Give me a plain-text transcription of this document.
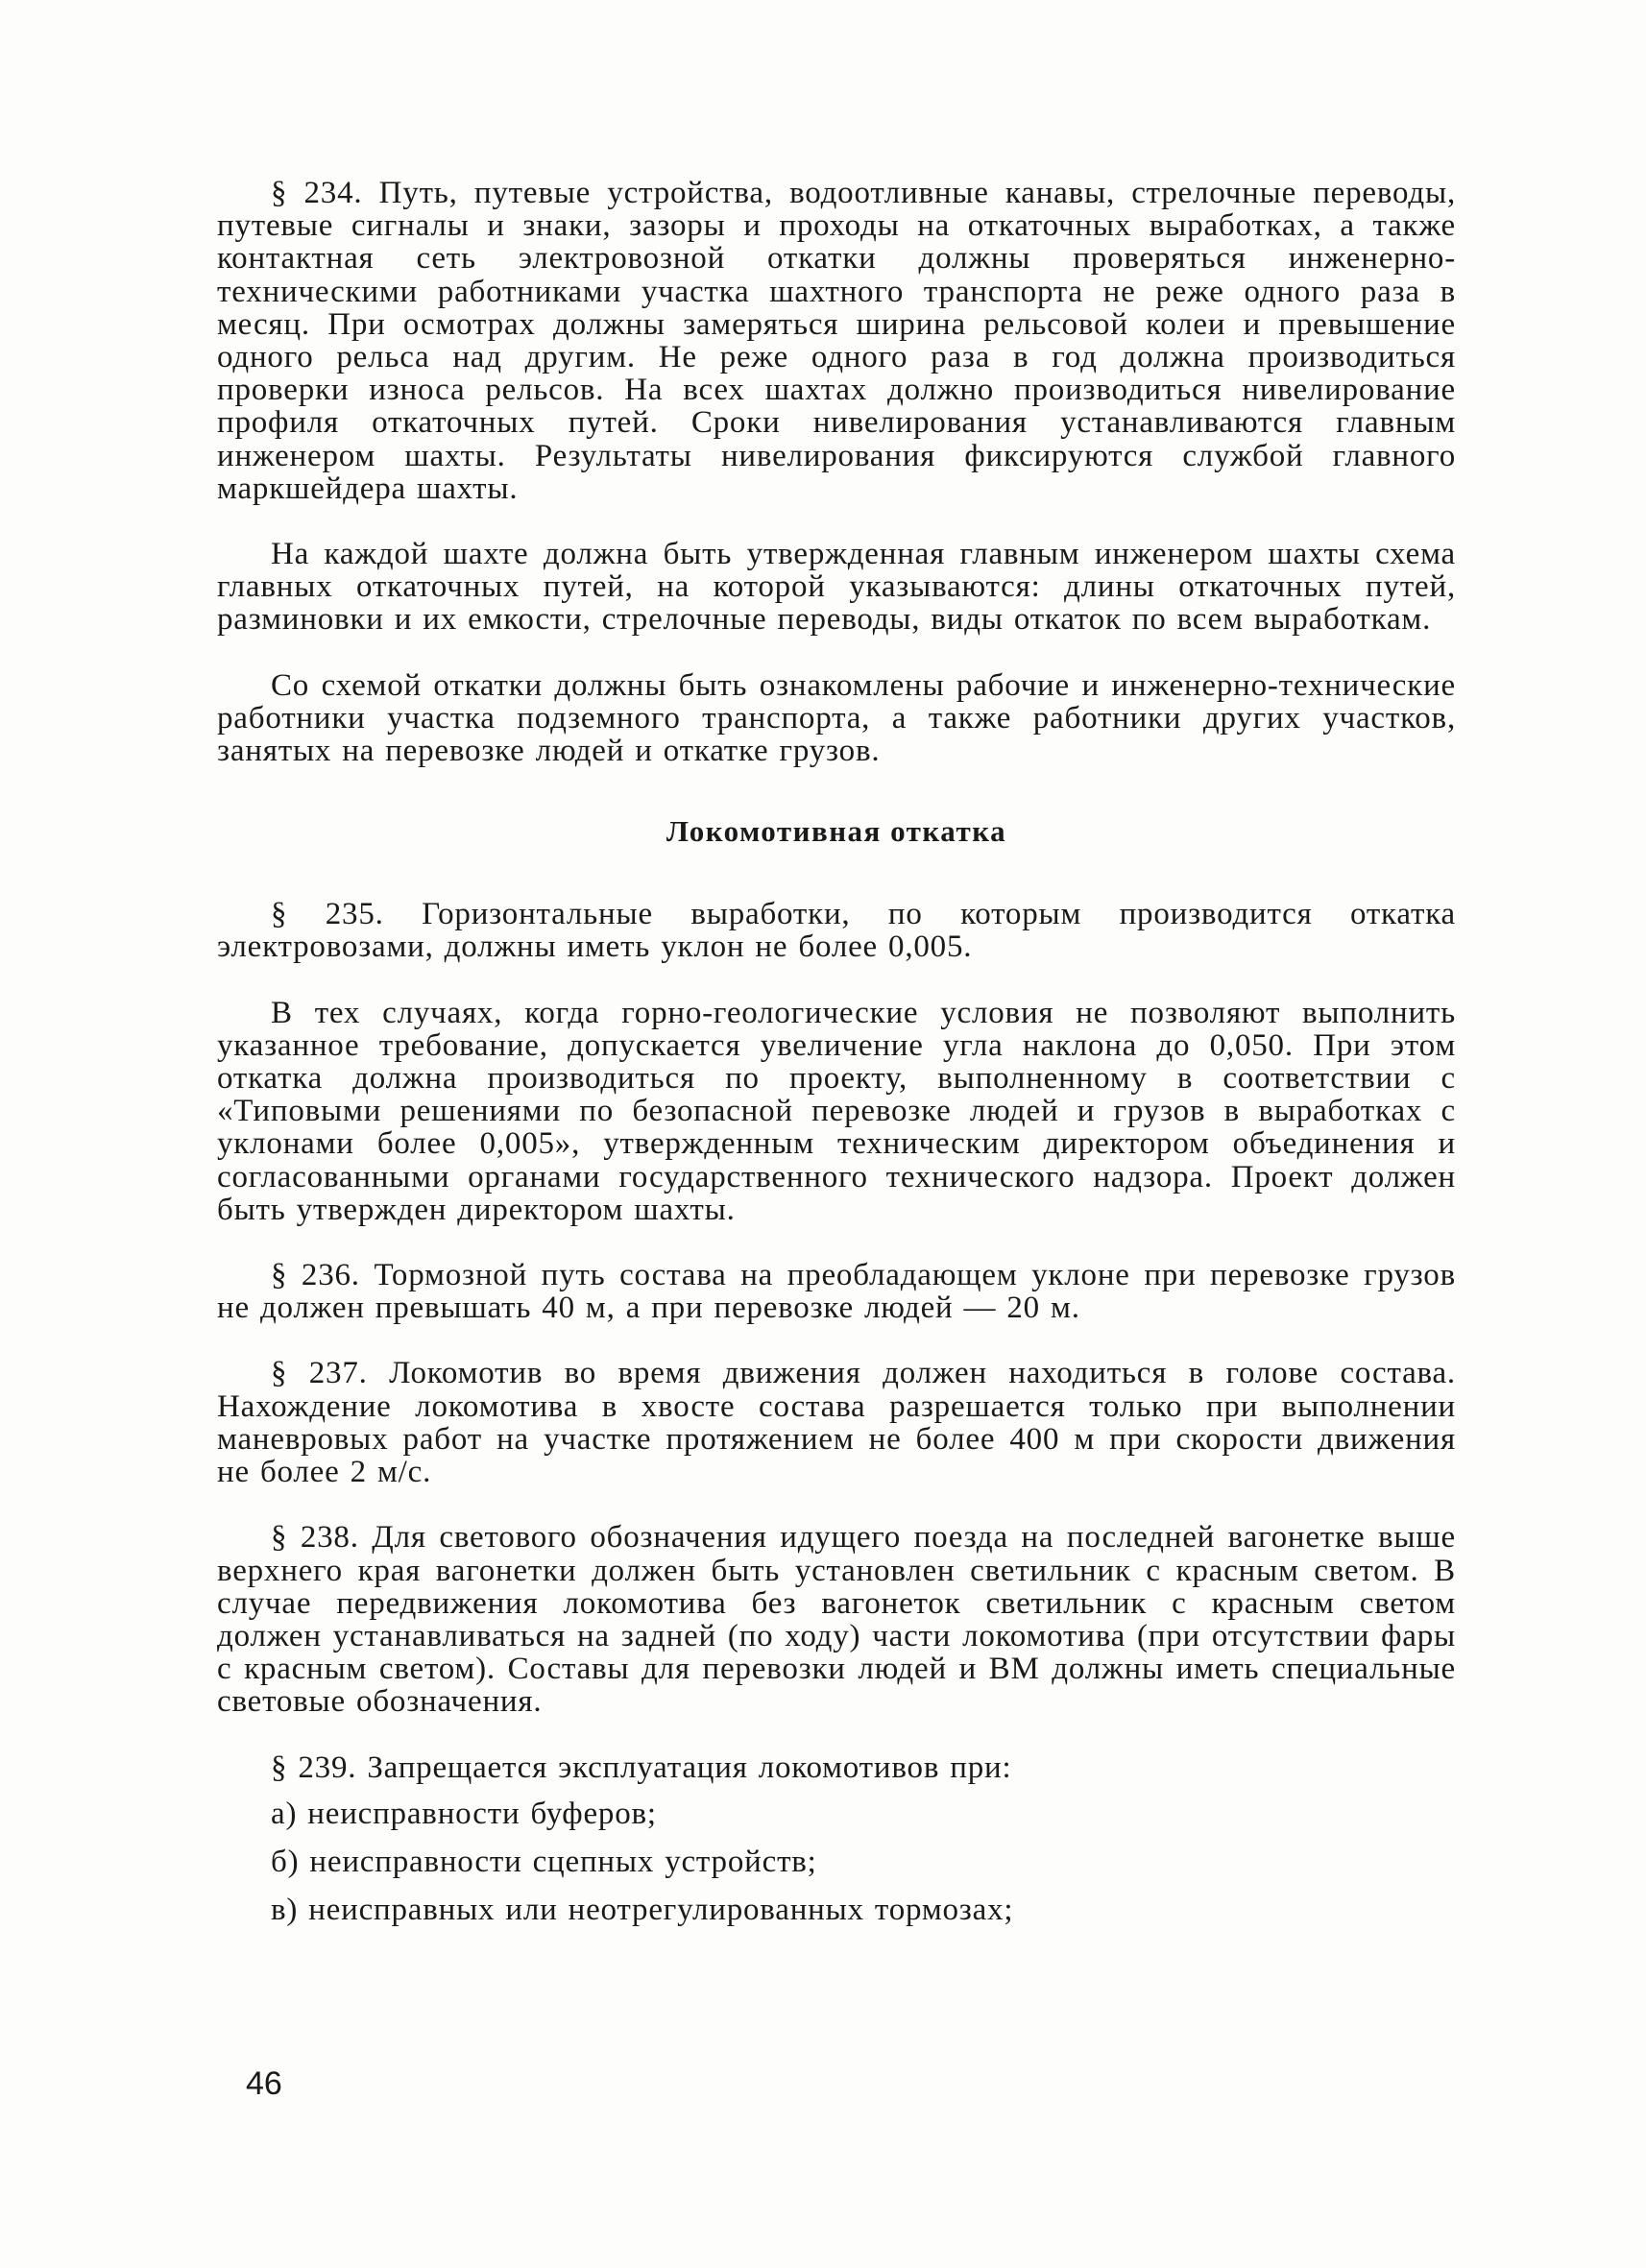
§ 234. Путь, путевые устройства, водоотливные канавы, стрелочные переводы, путевые сигналы и знаки, зазоры и проходы на откаточных выработках, а также контактная сеть электровозной откатки должны проверяться инженерно-техническими работниками участка шахтного транспорта не реже одного раза в месяц. При осмотрах должны замеряться ширина рельсовой колеи и превышение одного рельса над другим. Не реже одного раза в год должна производиться проверки износа рельсов. На всех шахтах должно производиться нивелирование профиля откаточных путей. Сроки нивелирования устанавливаются главным инженером шахты. Результаты нивелирования фиксируются службой главного маркшейдера шахты.

На каждой шахте должна быть утвержденная главным инженером шахты схема главных откаточных путей, на которой указываются: длины откаточных путей, разминовки и их емкости, стрелочные переводы, виды откаток по всем выработкам.

Со схемой откатки должны быть ознакомлены рабочие и инженерно-технические работники участка подземного транспорта, а также работники других участков, занятых на перевозке людей и откатке грузов.

Локомотивная откатка

§ 235. Горизонтальные выработки, по которым производится откатка электровозами, должны иметь уклон не более 0,005.

В тех случаях, когда горно-геологические условия не позволяют выполнить указанное требование, допускается увеличение угла наклона до 0,050. При этом откатка должна производиться по проекту, выполненному в соответствии с «Типовыми решениями по безопасной перевозке людей и грузов в выработках с уклонами более 0,005», утвержденным техническим директором объединения и согласованными органами государственного технического надзора. Проект должен быть утвержден директором шахты.

§ 236. Тормозной путь состава на преобладающем уклоне при перевозке грузов не должен превышать 40 м, а при перевозке людей — 20 м.

§ 237. Локомотив во время движения должен находиться в голове состава. Нахождение локомотива в хвосте состава разрешается только при выполнении маневровых работ на участке протяжением не более 400 м при скорости движения не более 2 м/с.

§ 238. Для светового обозначения идущего поезда на последней вагонетке выше верхнего края вагонетки должен быть установлен светильник с красным светом. В случае передвижения локомотива без вагонеток светильник с красным светом должен устанавливаться на задней (по ходу) части локомотива (при отсутствии фары с красным светом). Составы для перевозки людей и ВМ должны иметь специальные световые обозначения.

§ 239. Запрещается эксплуатация локомотивов при:

а) неисправности буферов;

б) неисправности сцепных устройств;

в) неисправных или неотрегулированных тормозах;

46
